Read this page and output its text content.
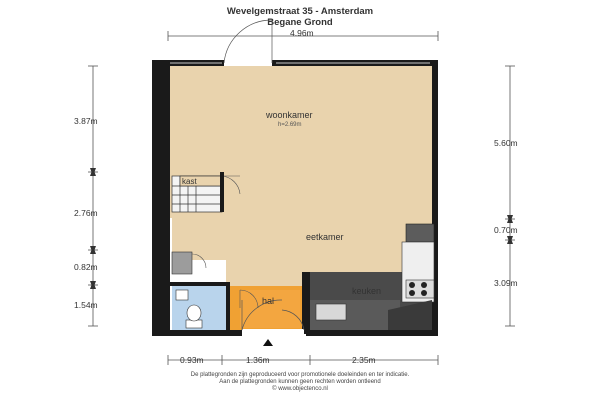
Wevelgemstraat 35 - Amsterdam
Begane Grond
4.96m
3.87m
2.76m
0.82m
1.54m
5.60m
0.70m
3.09m
0.93m	1.36m	2.35m
woonkamer
h=2.69m
kast
eetkamer
keuken
hal
De plattegronden zijn geproduceerd voor promotionele doeleinden en ter indicatie.
Aan de plattegronden kunnen geen rechten worden ontleend
© www.objectenco.nl
